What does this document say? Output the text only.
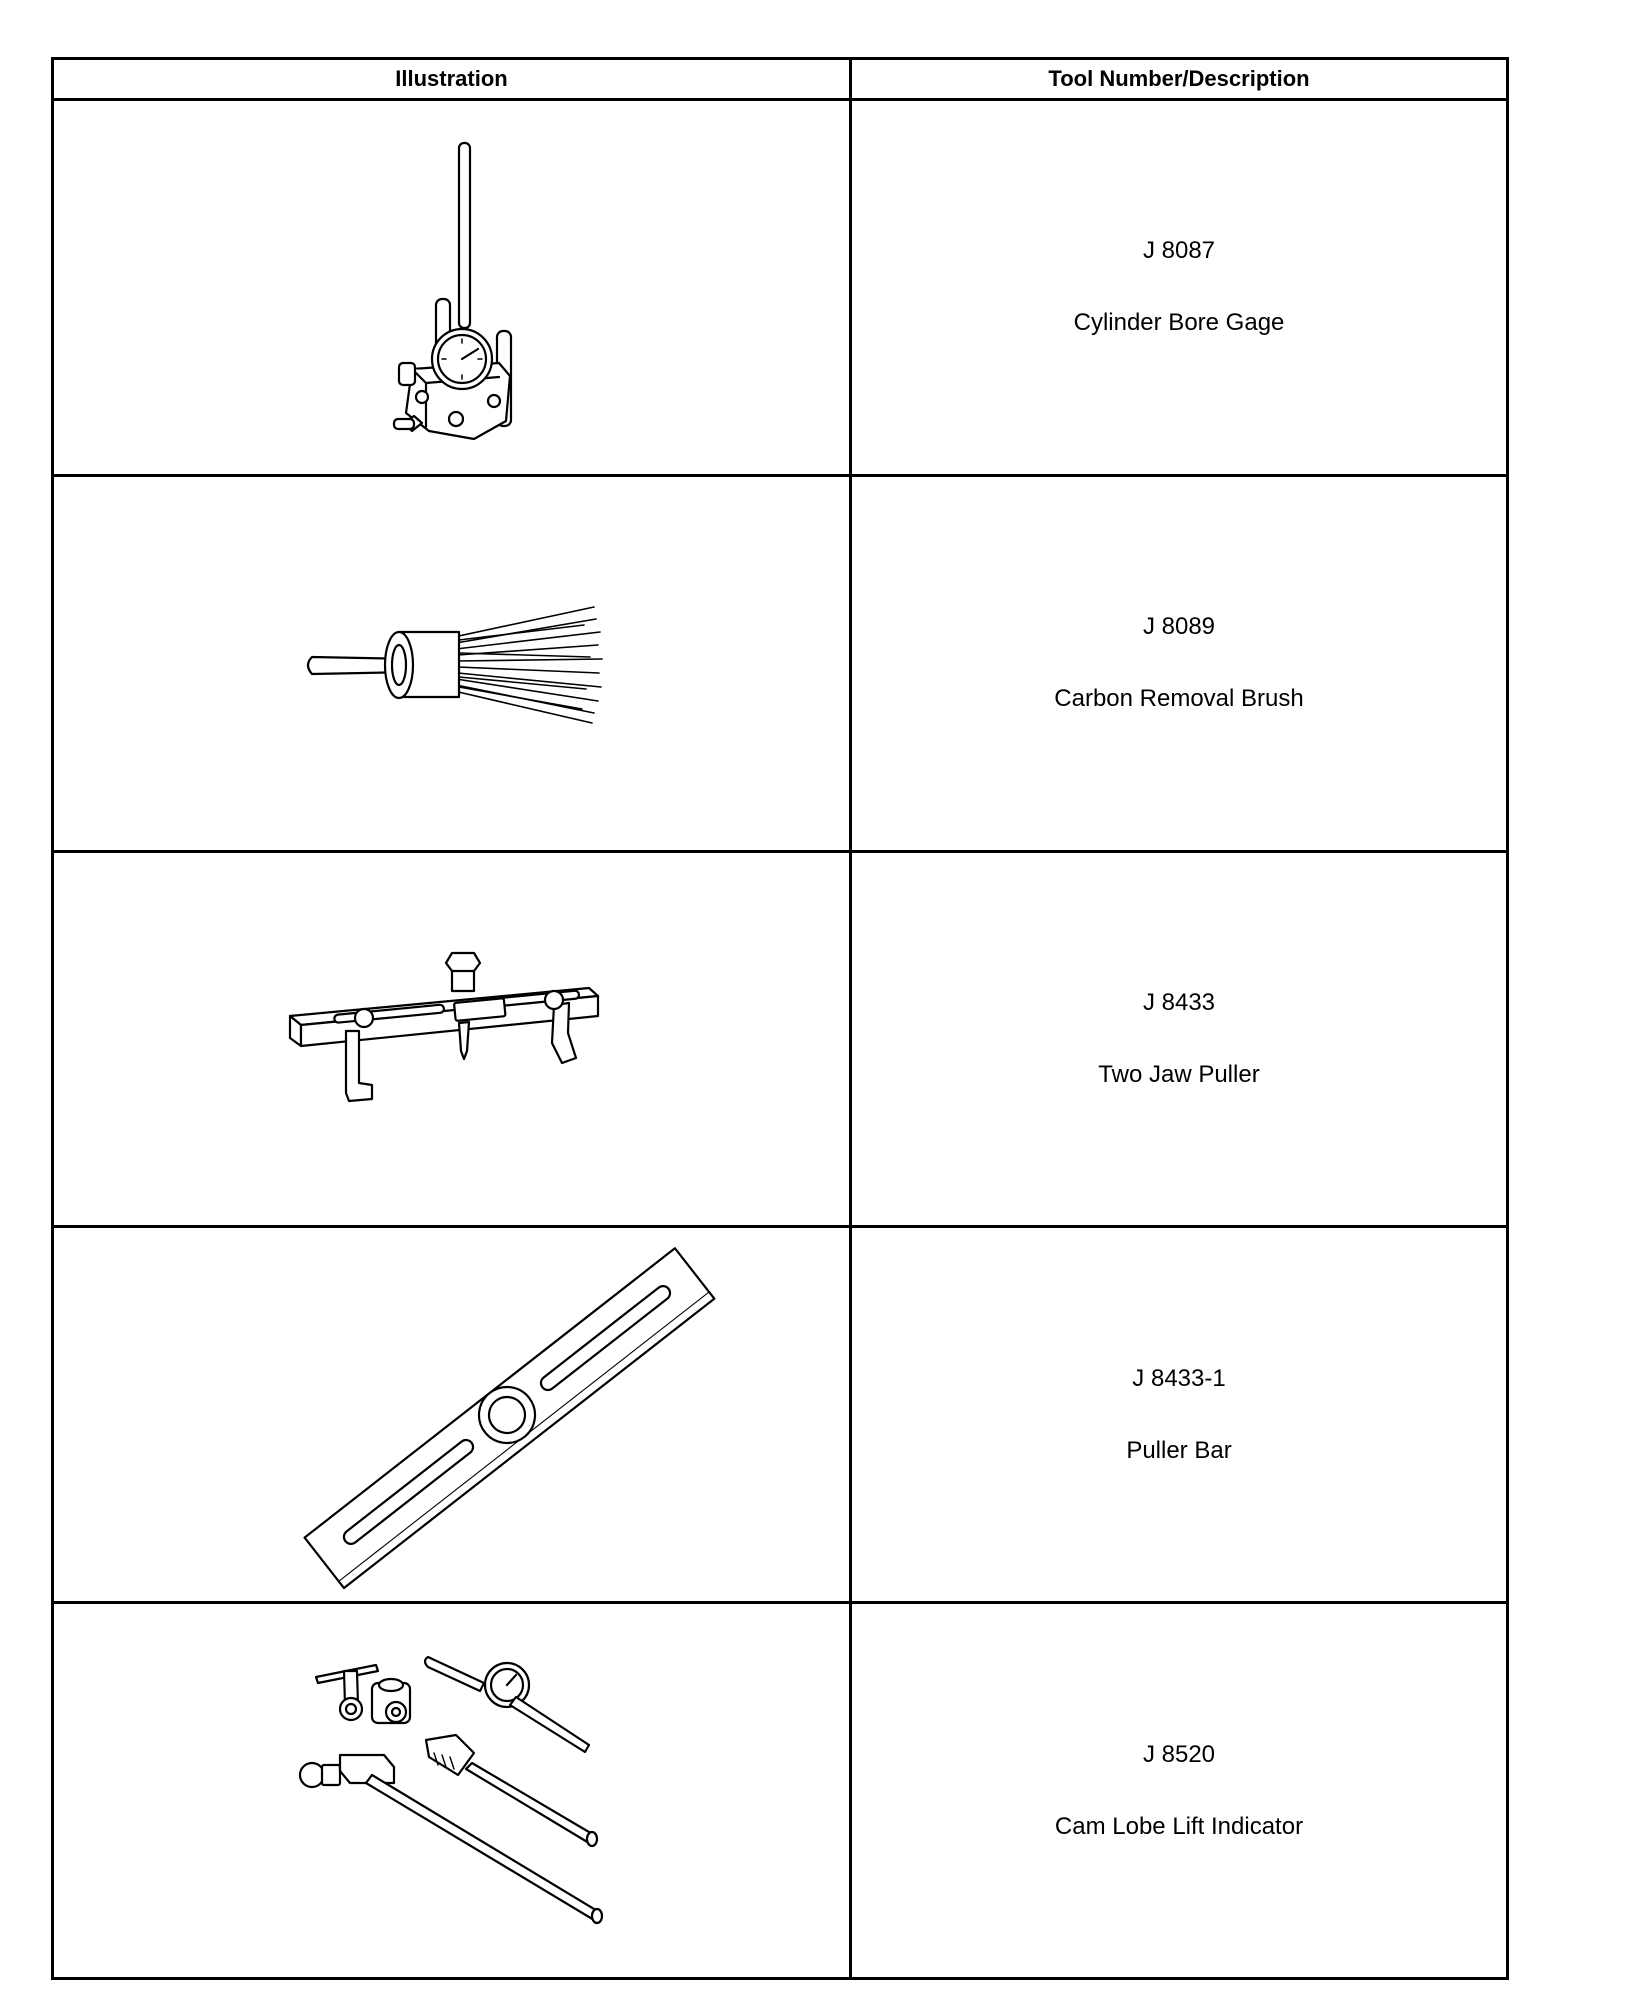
Illustration	Tool Number/Description

J 8087
Cylinder Bore Gage

J 8089
Carbon Removal Brush

J 8433
Two Jaw Puller

J 8433-1
Puller Bar

J 8520
Cam Lobe Lift Indicator
